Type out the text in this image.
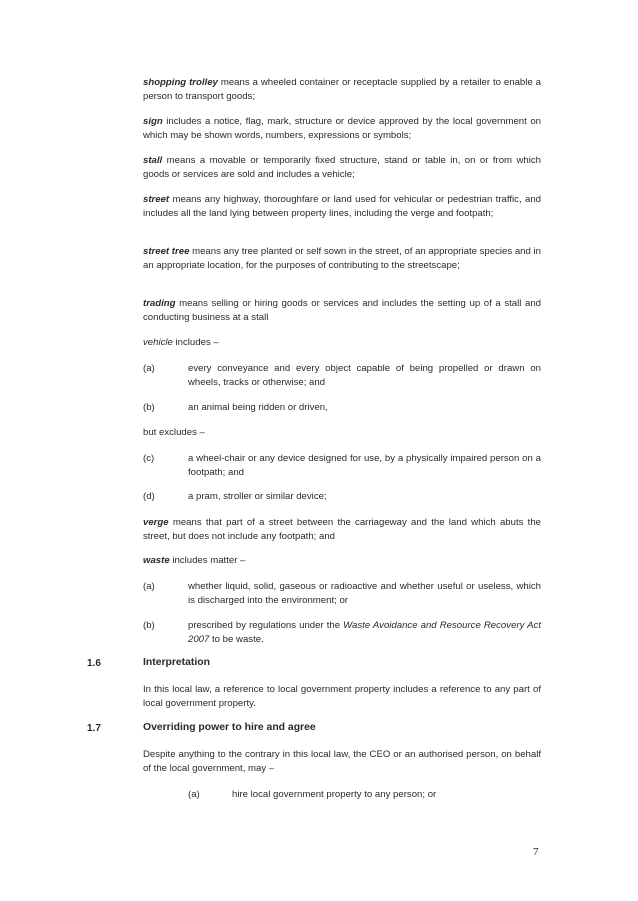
shopping trolley means a wheeled container or receptacle supplied by a retailer to enable a person to transport goods;

sign includes a notice, flag, mark, structure or device approved by the local government on which may be shown words, numbers, expressions or symbols;

stall means a movable or temporarily fixed structure, stand or table in, on or from which goods or services are sold and includes a vehicle;

street means any highway, thoroughfare or land used for vehicular or pedestrian traffic, and includes all the land lying between property lines, including the verge and footpath;

street tree means any tree planted or self sown in the street, of an appropriate species and in an appropriate location, for the purposes of contributing to the streetscape;

trading means selling or hiring goods or services and includes the setting up of a stall and conducting business at a stall

vehicle includes –

(a)	every conveyance and every object capable of being propelled or drawn on wheels, tracks or otherwise; and
(b)	an animal being ridden or driven,

but excludes –

(c)	a wheel-chair or any device designed for use, by a physically impaired person on a footpath; and
(d)	a pram, stroller or similar device;

verge means that part of a street between the carriageway and the land which abuts the street, but does not include any footpath; and

waste includes matter –

(a)	whether liquid, solid, gaseous or radioactive and whether useful or useless, which is discharged into the environment; or
(b)	prescribed by regulations under the Waste Avoidance and Resource Recovery Act 2007 to be waste.
1.6	Interpretation

In this local law, a reference to local government property includes a reference to any part of local government property.

1.7	Overriding power to hire and agree

Despite anything to the contrary in this local law, the CEO or an authorised person, on behalf of the local government, may –

(a)	hire local government property to any person; or
7
